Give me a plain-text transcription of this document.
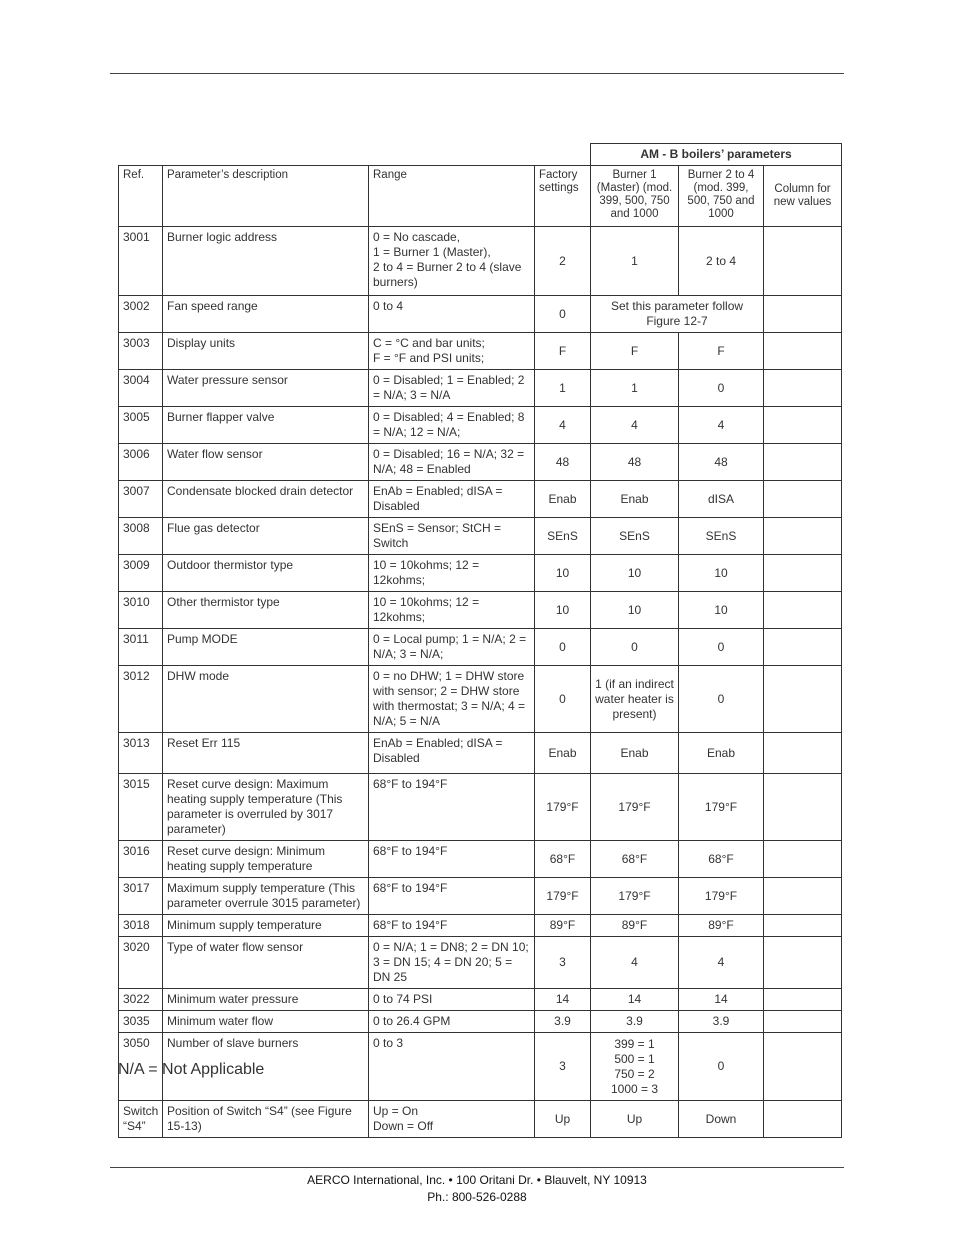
				AM - B boilers’ parameters		
Ref.	Parameter’s description	Range	Factory settings	Burner 1 (Master) (mod. 399, 500, 750 and 1000	Burner 2 to 4 (mod. 399, 500, 750 and 1000	Column for new values
3001	Burner logic address	0 = No cascade,
1 = Burner 1 (Master),
2 to 4 = Burner 2 to 4 (slave burners)	2	1	2 to 4	
3002	Fan speed range	0 to 4	0	Set this parameter follow Figure 12-7		
3003	Display units	C = °C and bar units;
F = °F and PSI units;	F	F	F	
3004	Water pressure sensor	0 = Disabled; 1 = Enabled; 2 = N/A; 3 = N/A	1	1	0	
3005	Burner flapper valve	0 = Disabled; 4 = Enabled; 8 = N/A; 12 = N/A;	4	4	4	
3006	Water flow sensor	0 = Disabled; 16 = N/A; 32 = N/A; 48 = Enabled	48	48	48	
3007	Condensate blocked drain detector	EnAb = Enabled; dISA = Disabled	Enab	Enab	dISA	
3008	Flue gas detector	SEnS = Sensor; StCH = Switch	SEnS	SEnS	SEnS	
3009	Outdoor thermistor type	10 = 10kohms; 12 = 12kohms;	10	10	10	
3010	Other thermistor type	10 = 10kohms; 12 = 12kohms;	10	10	10	
3011	Pump MODE	0 = Local pump; 1 = N/A; 2 = N/A; 3 = N/A;	0	0	0	
3012	DHW mode	0 = no DHW; 1 = DHW store with sensor; 2 = DHW store with thermostat; 3 = N/A; 4 = N/A; 5 = N/A	0	1 (if an indirect water heater is present)	0	
3013	Reset Err 115	EnAb = Enabled; dISA = Disabled	Enab	Enab	Enab	
3015	Reset curve design: Maximum heating supply temperature (This parameter is overruled by 3017 parameter)	68°F to 194°F	179°F	179°F	179°F	
3016	Reset curve design: Minimum heating supply temperature	68°F to 194°F	68°F	68°F	68°F	
3017	Maximum supply temperature (This parameter overrule 3015 parameter)	68°F to 194°F	179°F	179°F	179°F	
3018	Minimum supply temperature	68°F to 194°F	89°F	89°F	89°F	
3020	Type of water flow sensor	0 = N/A; 1 = DN8; 2 = DN 10; 3 = DN 15; 4 = DN 20; 5 = DN 25	3	4	4	
3022	Minimum water pressure	0 to 74 PSI	14	14	14	
3035	Minimum water flow	0 to 26.4 GPM	3.9	3.9	3.9	
3050	Number of slave burners	0 to 3	3	399 = 1
500 = 1
750 = 2
1000 = 3	0	
Switch “S4”	Position of Switch “S4” (see Figure 15-13)	Up = On
Down = Off	Up	Up	Down	
N/A = Not Applicable
AERCO International, Inc. • 100 Oritani Dr. • Blauvelt, NY 10913
Ph.: 800-526-0288
